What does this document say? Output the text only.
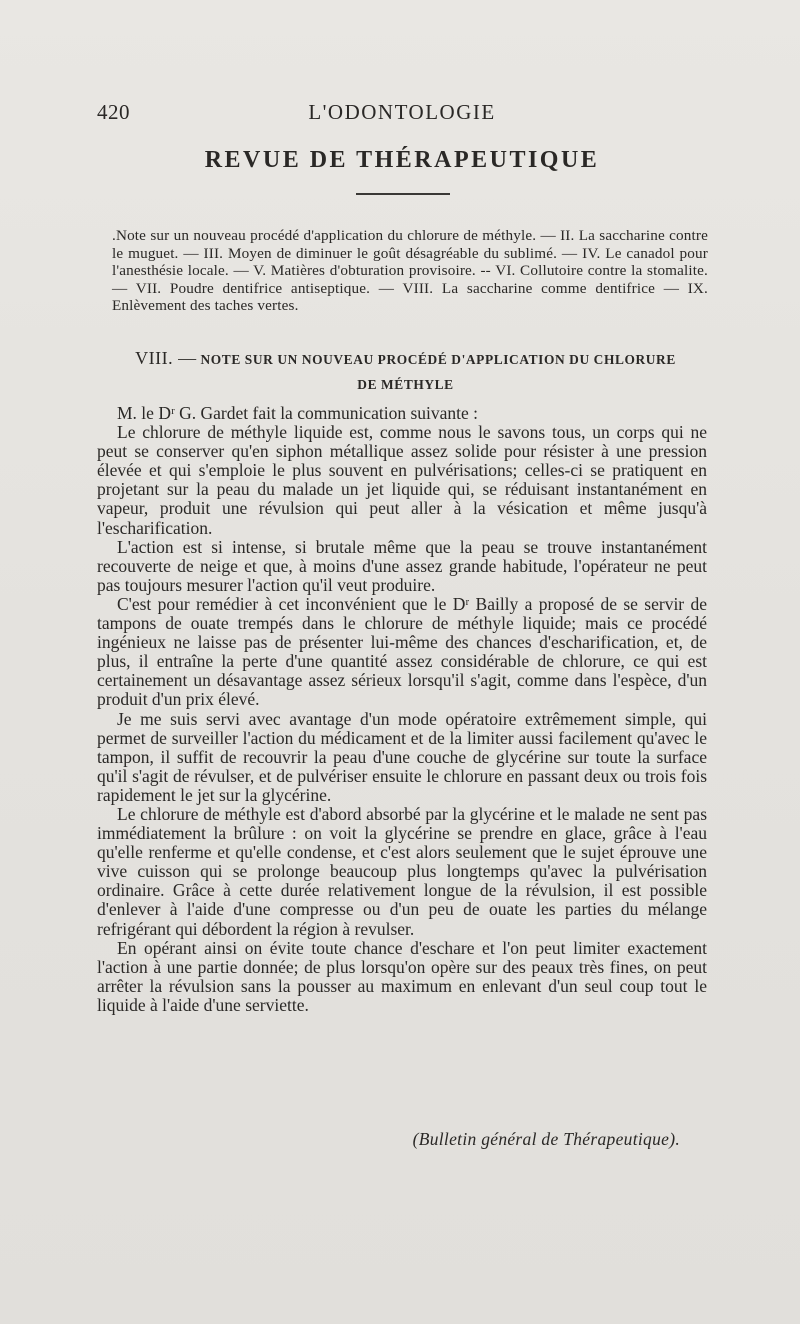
420	L'ODONTOLOGIE
REVUE DE THÉRAPEUTIQUE
.Note sur un nouveau procédé d'application du chlorure de méthyle. — II. La saccharine contre le muguet. — III. Moyen de diminuer le goût désagréable du sublimé. — IV. Le canadol pour l'anesthésie locale. — V. Matières d'obturation provisoire. -- VI. Collutoire contre la stomalite. — VII. Poudre dentifrice antiseptique. — VIII. La saccharine comme dentifrice — IX. Enlèvement des taches vertes.
VIII. — NOTE SUR UN NOUVEAU PROCÉDÉ D'APPLICATION DU CHLORURE
DE MÉTHYLE

M. le Dʳ G. Gardet fait la communication suivante :

Le chlorure de méthyle liquide est, comme nous le savons tous, un corps qui ne peut se conserver qu'en siphon métallique assez solide pour résister à une pression élevée et qui s'emploie le plus souvent en pulvérisations; celles-ci se pratiquent en projetant sur la peau du malade un jet liquide qui, se réduisant instantanément en vapeur, produit une révulsion qui peut aller à la vésication et même jusqu'à l'escharification.

L'action est si intense, si brutale même que la peau se trouve instantanément recouverte de neige et que, à moins d'une assez grande habitude, l'opérateur ne peut pas toujours mesurer l'action qu'il veut produire.

C'est pour remédier à cet inconvénient que le Dʳ Bailly a proposé de se servir de tampons de ouate trempés dans le chlorure de méthyle liquide; mais ce procédé ingénieux ne laisse pas de présenter lui-même des chances d'escharification, et, de plus, il entraîne la perte d'une quantité assez considérable de chlorure, ce qui est certainement un désavantage assez sérieux lorsqu'il s'agit, comme dans l'espèce, d'un produit d'un prix élevé.

Je me suis servi avec avantage d'un mode opératoire extrêmement simple, qui permet de surveiller l'action du médicament et de la limiter aussi facilement qu'avec le tampon, il suffit de recouvrir la peau d'une couche de glycérine sur toute la surface qu'il s'agit de révulser, et de pulvériser ensuite le chlorure en passant deux ou trois fois rapidement le jet sur la glycérine.

Le chlorure de méthyle est d'abord absorbé par la glycérine et le malade ne sent pas immédiatement la brûlure : on voit la glycérine se prendre en glace, grâce à l'eau qu'elle renferme et qu'elle condense, et c'est alors seulement que le sujet éprouve une vive cuisson qui se prolonge beaucoup plus longtemps qu'avec la pulvérisation ordinaire. Grâce à cette durée relativement longue de la révulsion, il est possible d'enlever à l'aide d'une compresse ou d'un peu de ouate les parties du mélange refrigérant qui débordent la région à revulser.

En opérant ainsi on évite toute chance d'eschare et l'on peut limiter exactement l'action à une partie donnée; de plus lorsqu'on opère sur des peaux très fines, on peut arrêter la révulsion sans la pousser au maximum en enlevant d'un seul coup tout le liquide à l'aide d'une serviette.

(Bulletin général de Thérapeutique).
